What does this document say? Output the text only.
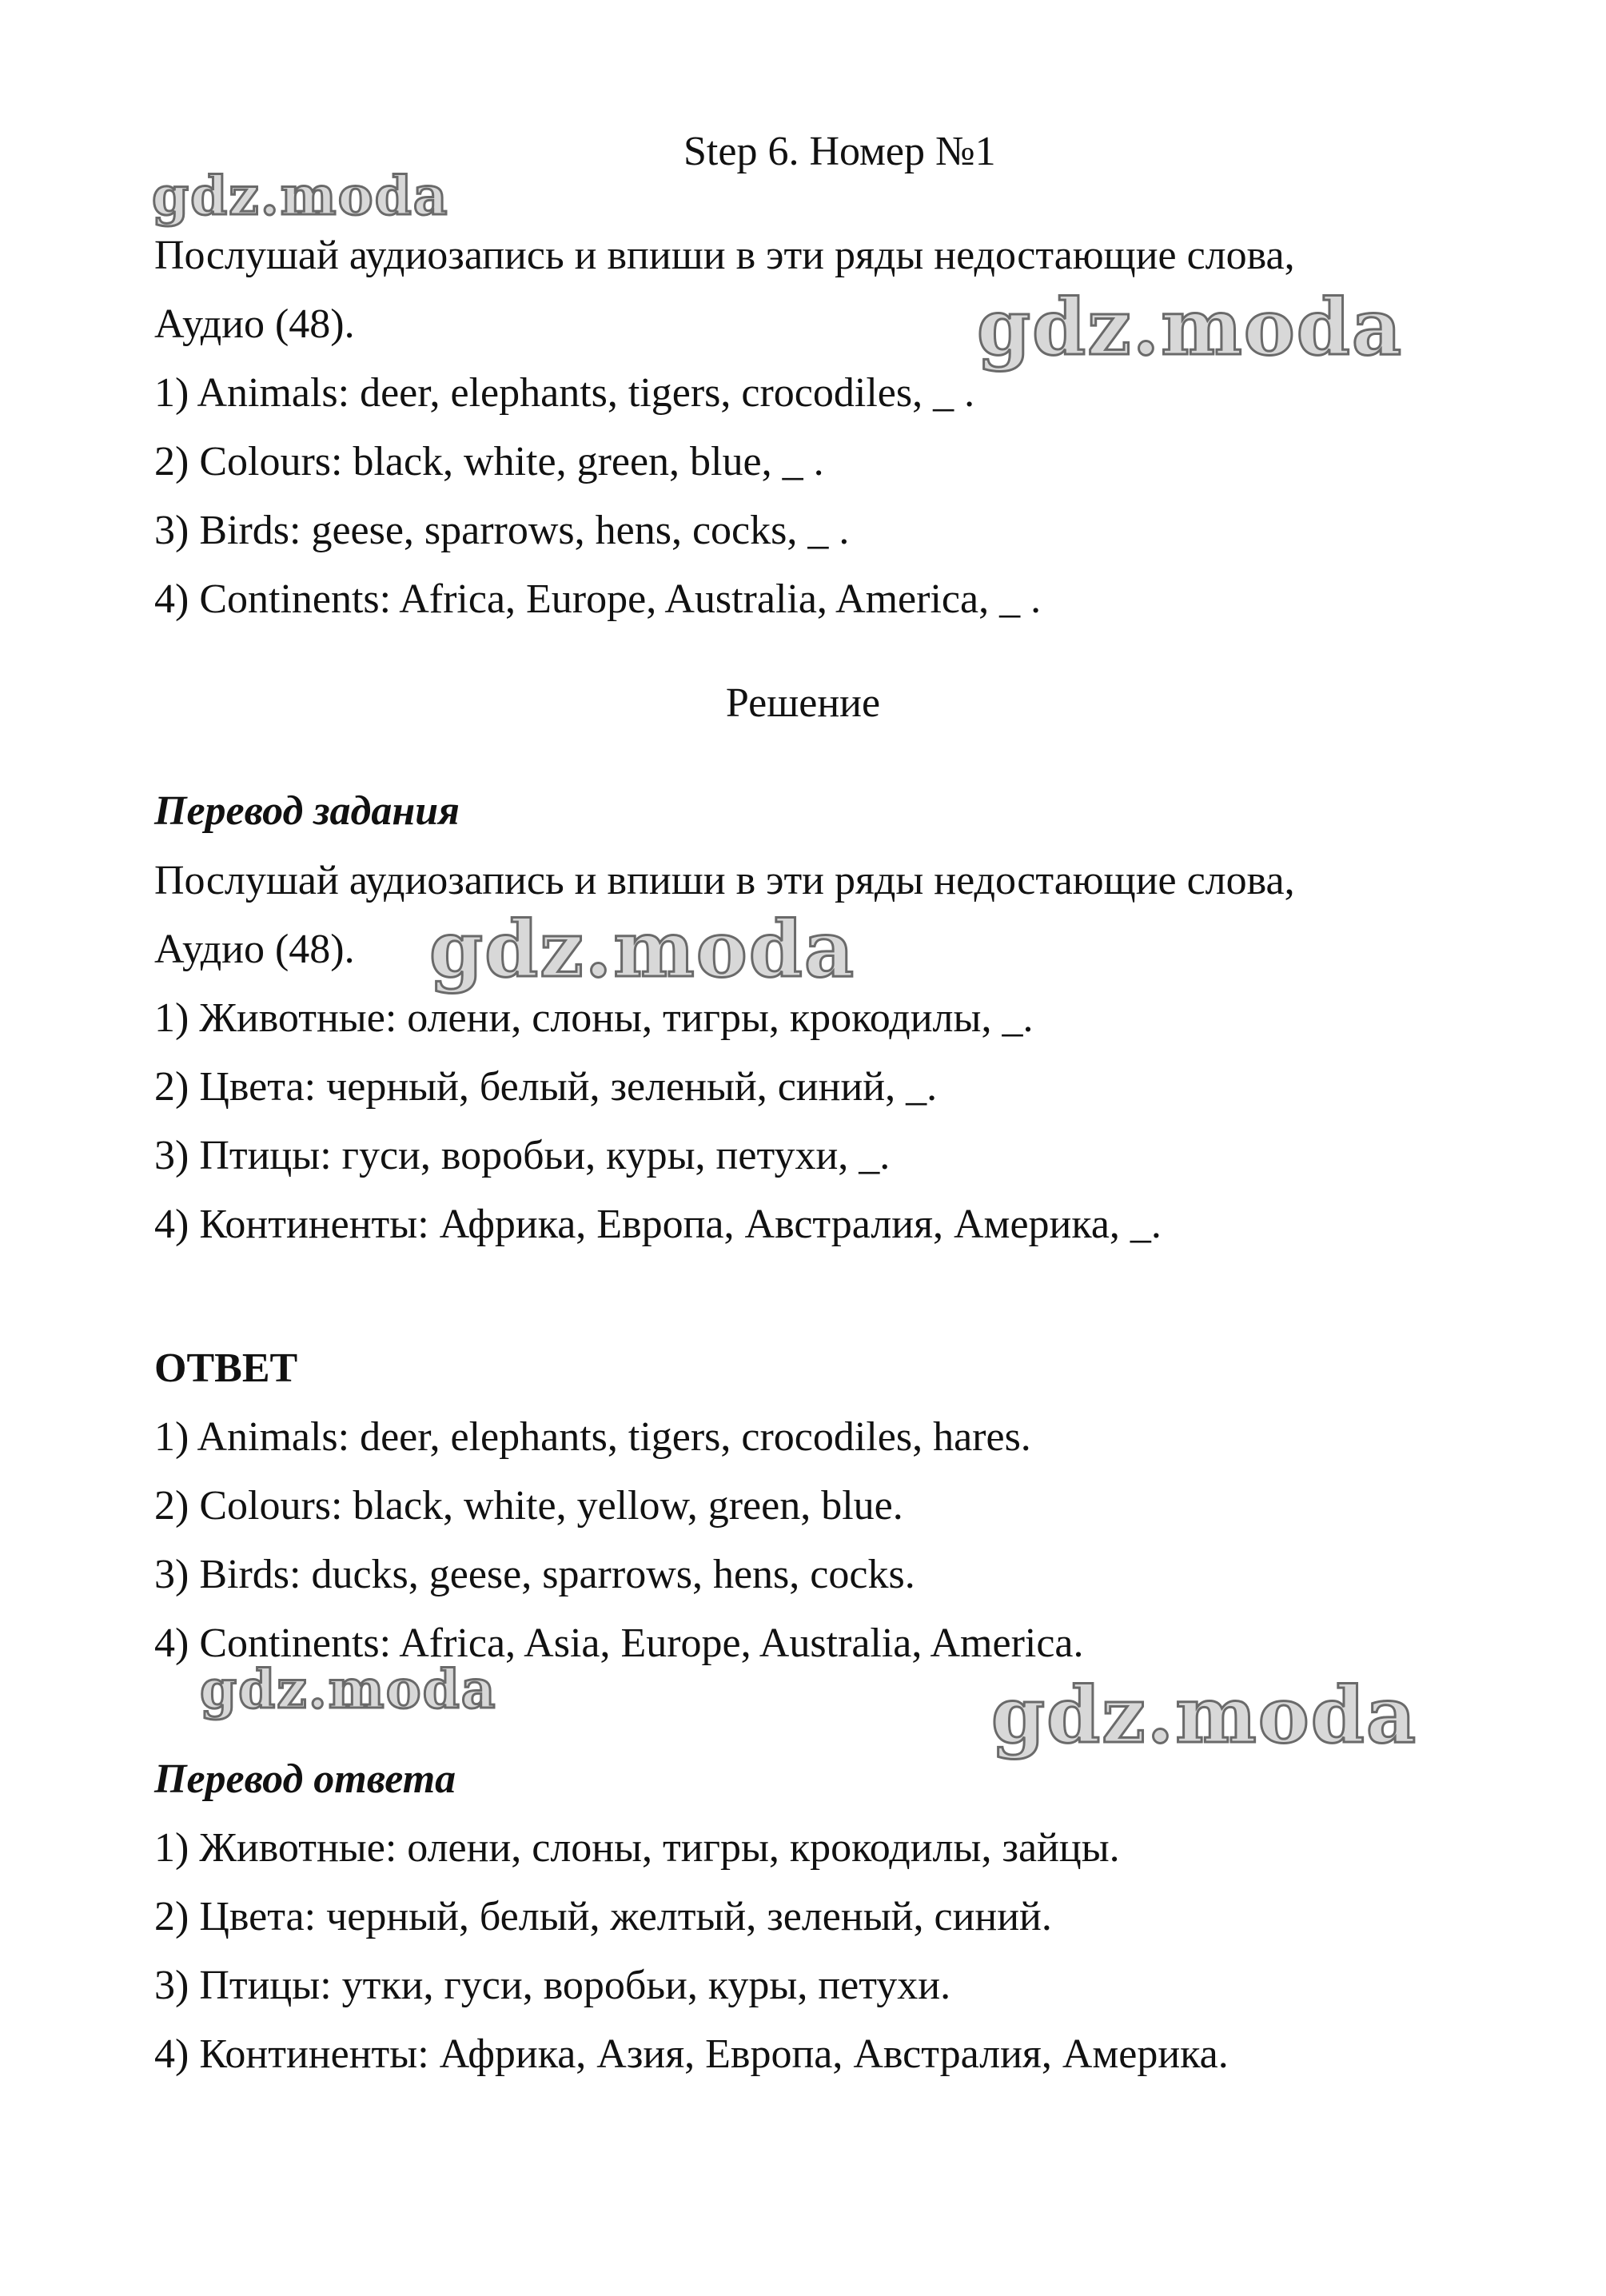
Step 6. Номер №1
Послушай аудиозапись и впиши в эти ряды недостающие слова,
Аудио (48).
1) Animals: deer, elephants, tigers, crocodiles, _ .
2) Colours: black, white, green, blue, _ .
3) Birds: geese, sparrows, hens, cocks, _ .
4) Continents: Africa, Europe, Australia, America, _ .
Решение
Перевод задания
Послушай аудиозапись и впиши в эти ряды недостающие слова,
Аудио (48).
1) Животные: олени, слоны, тигры, крокодилы, _.
2) Цвета: черный, белый, зеленый, синий, _.
3) Птицы: гуси, воробьи, куры, петухи, _.
4) Континенты: Африка, Европа, Австралия, Америка, _.
ОТВЕТ
1) Animals: deer, elephants, tigers, crocodiles, hares.
2) Colours: black, white, yellow, green, blue.
3) Birds: ducks, geese, sparrows, hens, cocks.
4) Continents: Africa, Asia, Europe, Australia, America.
Перевод ответа
1) Животные: олени, слоны, тигры, крокодилы, зайцы.
2) Цвета: черный, белый, желтый, зеленый, синий.
3) Птицы: утки, гуси, воробьи, куры, петухи.
4) Континенты: Африка, Азия, Европа, Австралия, Америка.
gdz.moda
gdz.moda
gdz.moda
gdz.moda	gdz.moda
